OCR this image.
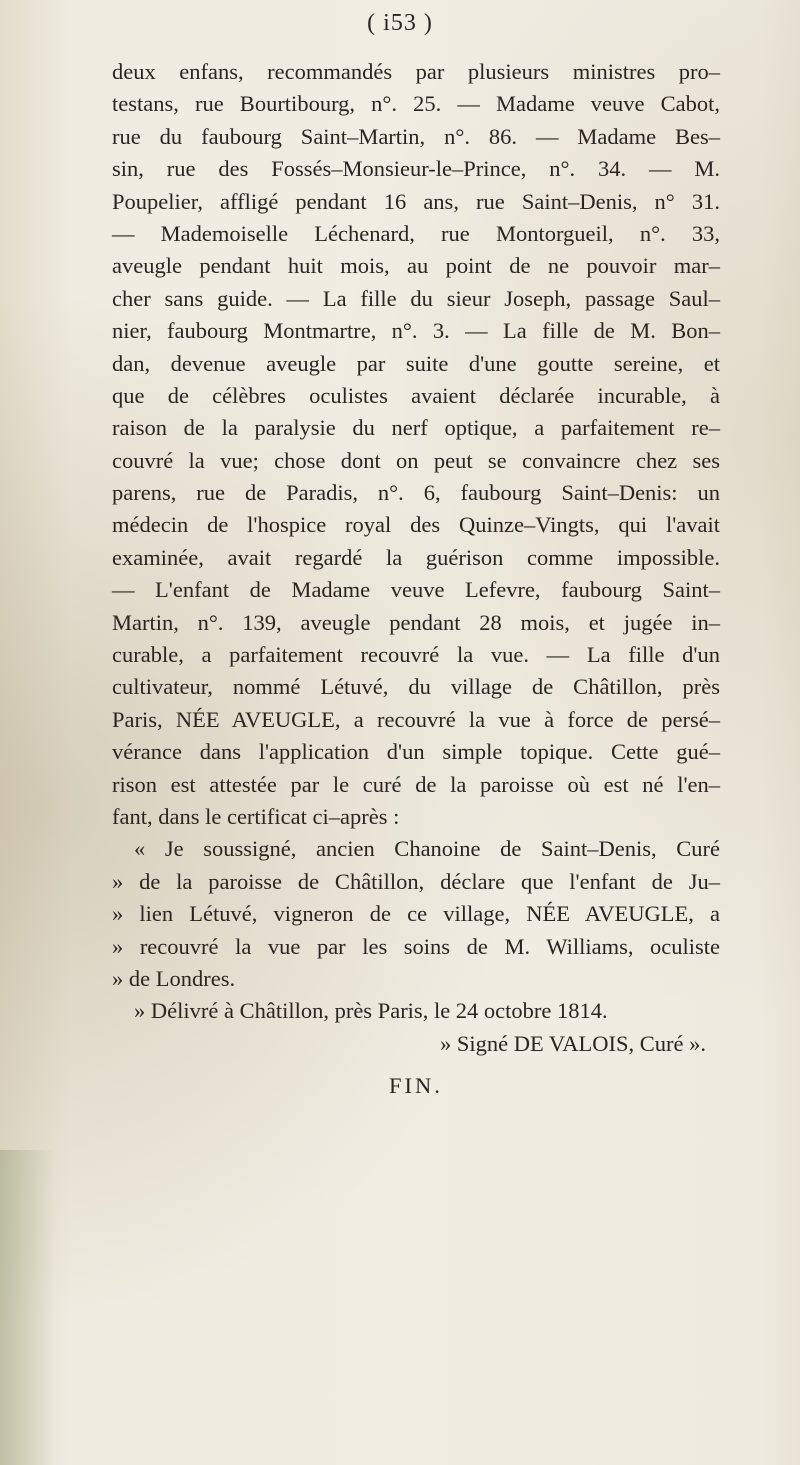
( i53 )
deux enfans, recommandés par plusieurs ministres pro–
testans, rue Bourtibourg, n°. 25. — Madame veuve Cabot,
rue du faubourg Saint–Martin, n°. 86. — Madame Bes–
sin, rue des Fossés–Monsieur-le–Prince, n°. 34. — M.
Poupelier, affligé pendant 16 ans, rue Saint–Denis, n° 31.
— Mademoiselle Léchenard, rue Montorgueil, n°. 33,
aveugle pendant huit mois, au point de ne pouvoir mar–
cher sans guide. — La fille du sieur Joseph, passage Saul–
nier, faubourg Montmartre, n°. 3. — La fille de M. Bon–
dan, devenue aveugle par suite d'une goutte sereine, et
que de célèbres oculistes avaient déclarée incurable, à
raison de la paralysie du nerf optique, a parfaitement re–
couvré la vue; chose dont on peut se convaincre chez ses
parens, rue de Paradis, n°. 6, faubourg Saint–Denis: un
médecin de l'hospice royal des Quinze–Vingts, qui l'avait
examinée, avait regardé la guérison comme impossible.
— L'enfant de Madame veuve Lefevre, faubourg Saint–
Martin, n°. 139, aveugle pendant 28 mois, et jugée in–
curable, a parfaitement recouvré la vue. — La fille d'un
cultivateur, nommé Létuvé, du village de Châtillon, près
Paris, NÉE AVEUGLE, a recouvré la vue à force de persé–
vérance dans l'application d'un simple topique. Cette gué–
rison est attestée par le curé de la paroisse où est né l'en–
fant, dans le certificat ci–après :
« Je soussigné, ancien Chanoine de Saint–Denis, Curé
» de la paroisse de Châtillon, déclare que l'enfant de Ju–
» lien Létuvé, vigneron de ce village, NÉE AVEUGLE, a
» recouvré la vue par les soins de M. Williams, oculiste
» de Londres.
» Délivré à Châtillon, près Paris, le 24 octobre 1814.
» Signé DE VALOIS, Curé ».
FIN.
